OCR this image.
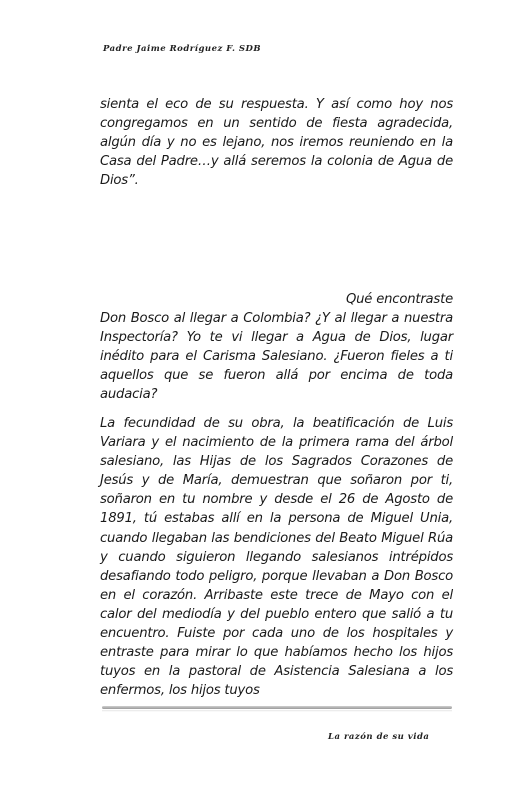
Padre Jaime Rodríguez F. SDB

sienta el eco de su respuesta. Y así como hoy nos congregamos en un sentido de fiesta agradecida, algún día y no es lejano, nos iremos reuniendo en la Casa del Padre…y allá seremos la colonia de Agua de Dios”.

Qué encontraste

Don Bosco al llegar a Colombia? ¿Y al llegar a nuestra Inspectoría? Yo te vi llegar a Agua de Dios, lugar inédito para el Carisma Salesiano. ¿Fueron fieles a ti aquellos que se fueron allá por encima de toda audacia?

La fecundidad de su obra, la beatificación de Luis Variara y el nacimiento de la primera rama del árbol salesiano, las Hijas de los Sagrados Corazones de Jesús y de María, demuestran que soñaron por ti, soñaron en tu nombre y desde el 26 de Agosto de 1891, tú estabas allí en la persona de Miguel Unia, cuando llegaban las bendiciones del Beato Miguel Rúa y cuando siguieron llegando salesianos intrépidos desafiando todo peligro, porque llevaban a Don Bosco en el corazón. Arribaste este trece de Mayo con el calor del mediodía y del pueblo entero que salió a tu encuentro. Fuiste por cada uno de los hospitales y entraste para mirar lo que habíamos hecho los hijos tuyos en la pastoral de Asistencia Salesiana a los enfermos, los hijos tuyos

La razón de su vida
